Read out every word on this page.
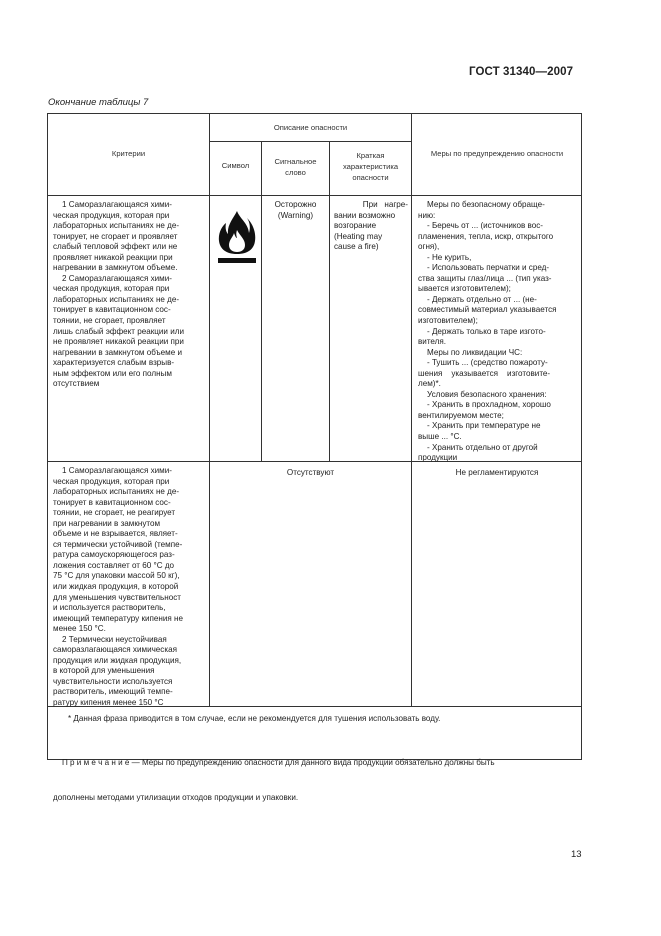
ГОСТ 31340—2007
Окончание таблицы 7
Критерии
Описание опасности
Символ	Сигнальное
слово
Краткая
характеристика
опасности
Меры по предупреждению опасности
1 Саморазлагающаяся хими-
ческая продукция, которая при
лабораторных испытаниях не де-
тонирует, не сгорает и проявляет
слабый тепловой эффект или не
проявляет никакой реакции при
нагревании в замкнутом объеме.
2 Саморазлагающаяся хими-
ческая продукция, которая при
лабораторных испытаниях не де-
тонирует в кавитационном сос-
тоянии, не сгорает, проявляет
лишь слабый эффект реакции или
не проявляет никакой реакции при
нагревании в замкнутом объеме и
характеризуется слабым взрыв-
ным эффектом или его полным
отсутствием
Осторожно
(Warning)
При   нагре-
вании возможно
возгорание
(Heating may
cause a fire)
Меры по безопасному обраще-
нию:
- Беречь от ... (источников вос-
пламенения, тепла, искр, открытого
огня),
- Не курить,
- Использовать перчатки и сред-
ства защиты глаз/лица ... (тип указ-
ывается изготовителем);
- Держать отдельно от ... (не-
совместимый материал указывается
изготовителем);
- Держать только в таре изгото-
вителя.
Меры по ликвидации ЧС:
- Тушить ... (средство пожароту-
шения    указывается    изготовите-
лем)*.
Условия безопасного хранения:
- Хранить в прохладном, хорошо
вентилируемом месте;
- Хранить при температуре не
выше ... °С.
- Хранить отдельно от другой
продукции
1 Саморазлагающаяся хими-
ческая продукция, которая при
лабораторных испытаниях не де-
тонирует в кавитационном сос-
тоянии, не сгорает, не реагирует
при нагревании в замкнутом
объеме и не взрывается, являет-
ся термически устойчивой (темпе-
ратура самоускоряющегося раз-
ложения составляет от 60 °С до
75 °С для упаковки массой 50 кг),
или жидкая продукция, в которой
для уменьшения чувствительност
и используется растворитель,
имеющий температуру кипения не
менее 150 °С.
2 Термически неустойчивая
саморазлагающаяся химическая
продукция или жидкая продукция,
в которой для уменьшения
чувствительности используется
растворитель, имеющий темпе-
ратуру кипения менее 150 °С
Отсутствуют	Не регламентируются
* Данная фраза приводится в том случае, если не рекомендуется для тушения использовать воду.

П р и м е ч а н и е — Меры по предупреждению опасности для данного вида продукции обязательно должны быть

дополнены методами утилизации отходов продукции и упаковки.

13
